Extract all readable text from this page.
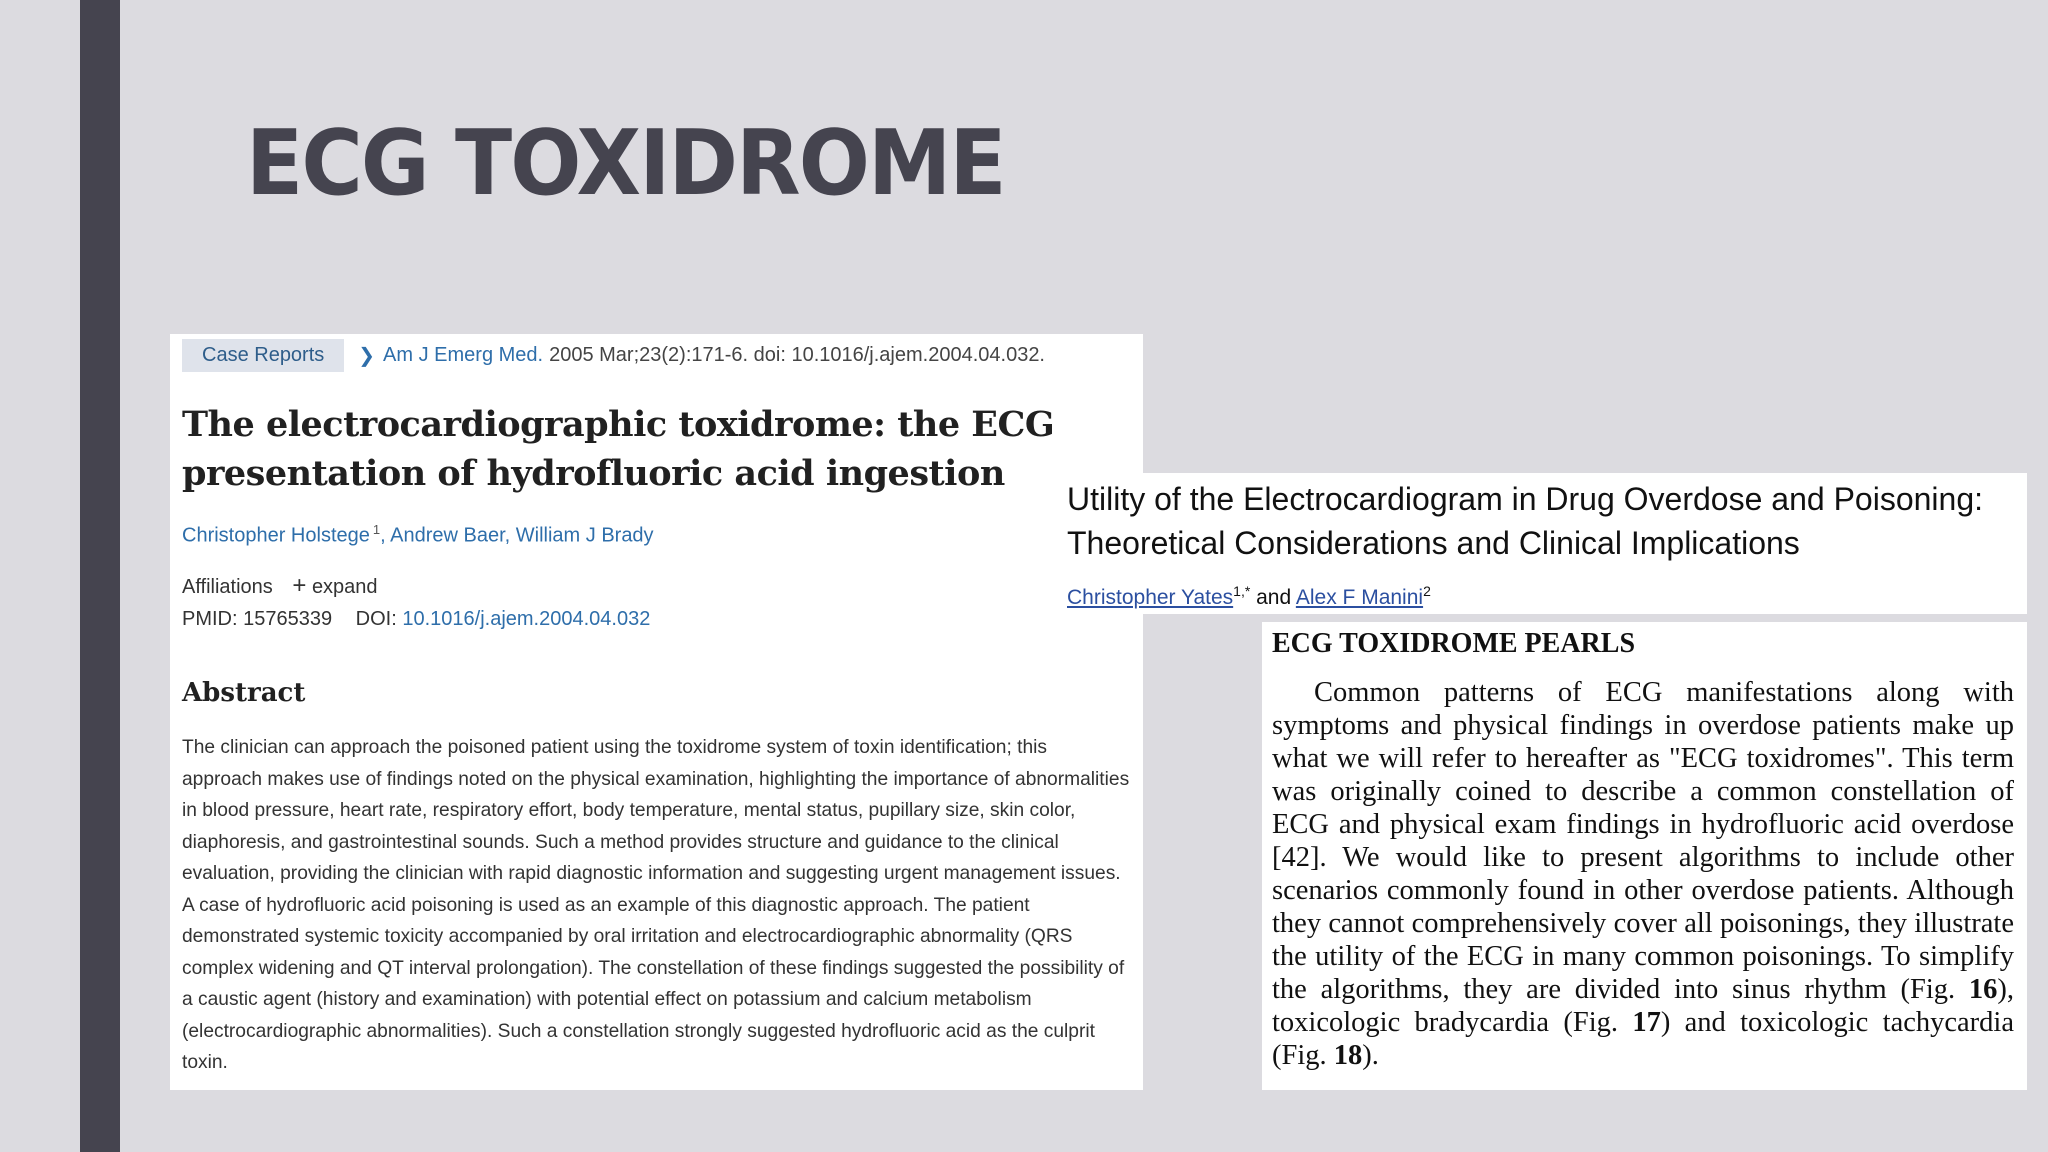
ECG TOXIDROME
Case Reports	❯ Am J Emerg Med. 2005 Mar;23(2):171-6. doi: 10.1016/j.ajem.2004.04.032.
The electrocardiographic toxidrome: the ECG presentation of hydrofluoric acid ingestion
Christopher Holstege $^1$, Andrew Baer, William J Brady
Affiliations + expand
PMID: 15765339 DOI: 10.1016/j.ajem.2004.04.032
Abstract

The clinician can approach the poisoned patient using the toxidrome system of toxin identification; this approach makes use of findings noted on the physical examination, highlighting the importance of abnormalities in blood pressure, heart rate, respiratory effort, body temperature, mental status, pupillary size, skin color, diaphoresis, and gastrointestinal sounds. Such a method provides structure and guidance to the clinical evaluation, providing the clinician with rapid diagnostic information and suggesting urgent management issues. A case of hydrofluoric acid poisoning is used as an example of this diagnostic approach. The patient demonstrated systemic toxicity accompanied by oral irritation and electrocardiographic abnormality (QRS complex widening and QT interval prolongation). The constellation of these findings suggested the possibility of a caustic agent (history and examination) with potential effect on potassium and calcium metabolism (electrocardiographic abnormalities). Such a constellation strongly suggested hydrofluoric acid as the culprit toxin.

Utility of the Electrocardiogram in Drug Overdose and Poisoning: Theoretical Considerations and Clinical Implications

Christopher Yates$^{1,*}$ and Alex F Manini$^2$
ECG TOXIDROME PEARLS

Common patterns of ECG manifestations along with symptoms and physical findings in overdose patients make up what we will refer to hereafter as "ECG toxidromes". This term was originally coined to describe a common constellation of ECG and physical exam findings in hydrofluoric acid overdose [42]. We would like to present algorithms to include other scenarios commonly found in other overdose patients. Although they cannot comprehensively cover all poisonings, they illustrate the utility of the ECG in many common poisonings. To simplify the algorithms, they are divided into sinus rhythm (Fig. 16), toxicologic bradycardia (Fig. 17) and toxicologic tachycardia (Fig. 18).
